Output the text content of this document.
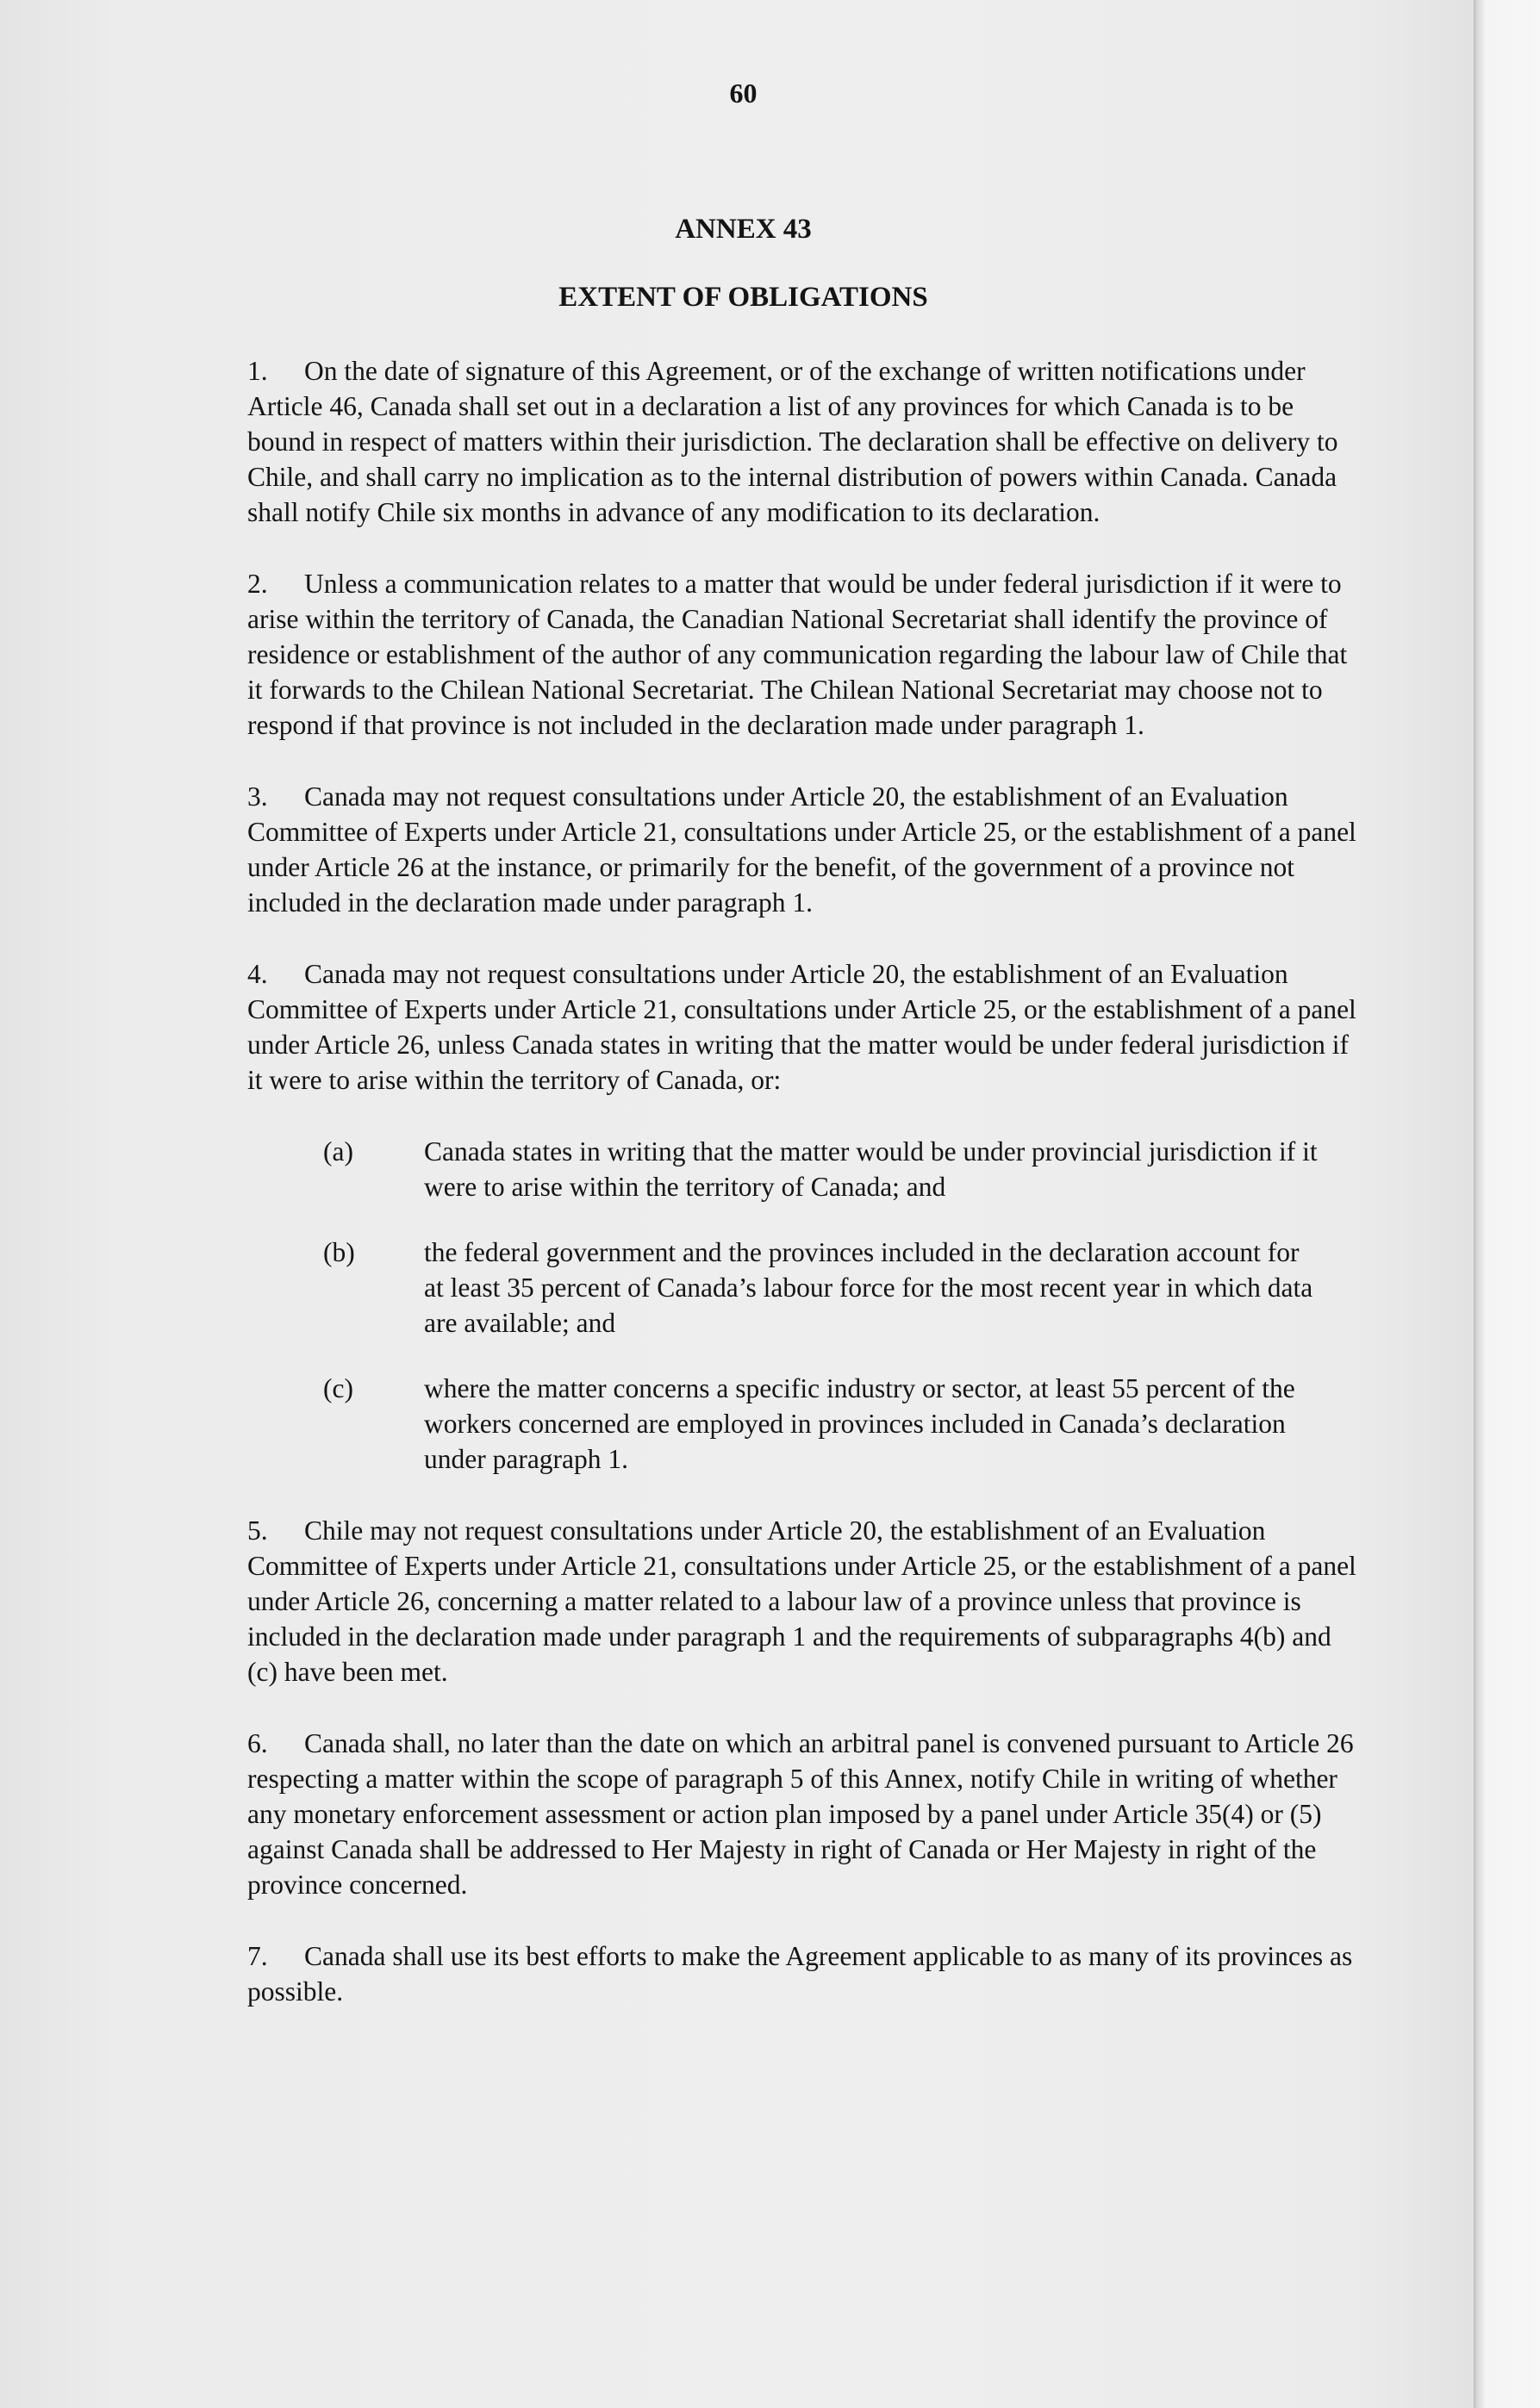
60
ANNEX 43
EXTENT OF OBLIGATIONS

1. On the date of signature of this Agreement, or of the exchange of written notifications under Article 46, Canada shall set out in a declaration a list of any provinces for which Canada is to be bound in respect of matters within their jurisdiction. The declaration shall be effective on delivery to Chile, and shall carry no implication as to the internal distribution of powers within Canada. Canada shall notify Chile six months in advance of any modification to its declaration.

2. Unless a communication relates to a matter that would be under federal jurisdiction if it were to arise within the territory of Canada, the Canadian National Secretariat shall identify the province of residence or establishment of the author of any communication regarding the labour law of Chile that it forwards to the Chilean National Secretariat. The Chilean National Secretariat may choose not to respond if that province is not included in the declaration made under paragraph 1.

3. Canada may not request consultations under Article 20, the establishment of an Evaluation Committee of Experts under Article 21, consultations under Article 25, or the establishment of a panel under Article 26 at the instance, or primarily for the benefit, of the government of a province not included in the declaration made under paragraph 1.

4. Canada may not request consultations under Article 20, the establishment of an Evaluation Committee of Experts under Article 21, consultations under Article 25, or the establishment of a panel under Article 26, unless Canada states in writing that the matter would be under federal jurisdiction if it were to arise within the territory of Canada, or:

(a)	Canada states in writing that the matter would be under provincial jurisdiction if it were to arise within the territory of Canada; and
(b)	the federal government and the provinces included in the declaration account for at least 35 percent of Canada’s labour force for the most recent year in which data are available; and
(c)	where the matter concerns a specific industry or sector, at least 55 percent of the workers concerned are employed in provinces included in Canada’s declaration under paragraph 1.

5. Chile may not request consultations under Article 20, the establishment of an Evaluation Committee of Experts under Article 21, consultations under Article 25, or the establishment of a panel under Article 26, concerning a matter related to a labour law of a province unless that province is included in the declaration made under paragraph 1 and the requirements of subparagraphs 4(b) and (c) have been met.

6. Canada shall, no later than the date on which an arbitral panel is convened pursuant to Article 26 respecting a matter within the scope of paragraph 5 of this Annex, notify Chile in writing of whether any monetary enforcement assessment or action plan imposed by a panel under Article 35(4) or (5) against Canada shall be addressed to Her Majesty in right of Canada or Her Majesty in right of the province concerned.

7. Canada shall use its best efforts to make the Agreement applicable to as many of its provinces as possible.
